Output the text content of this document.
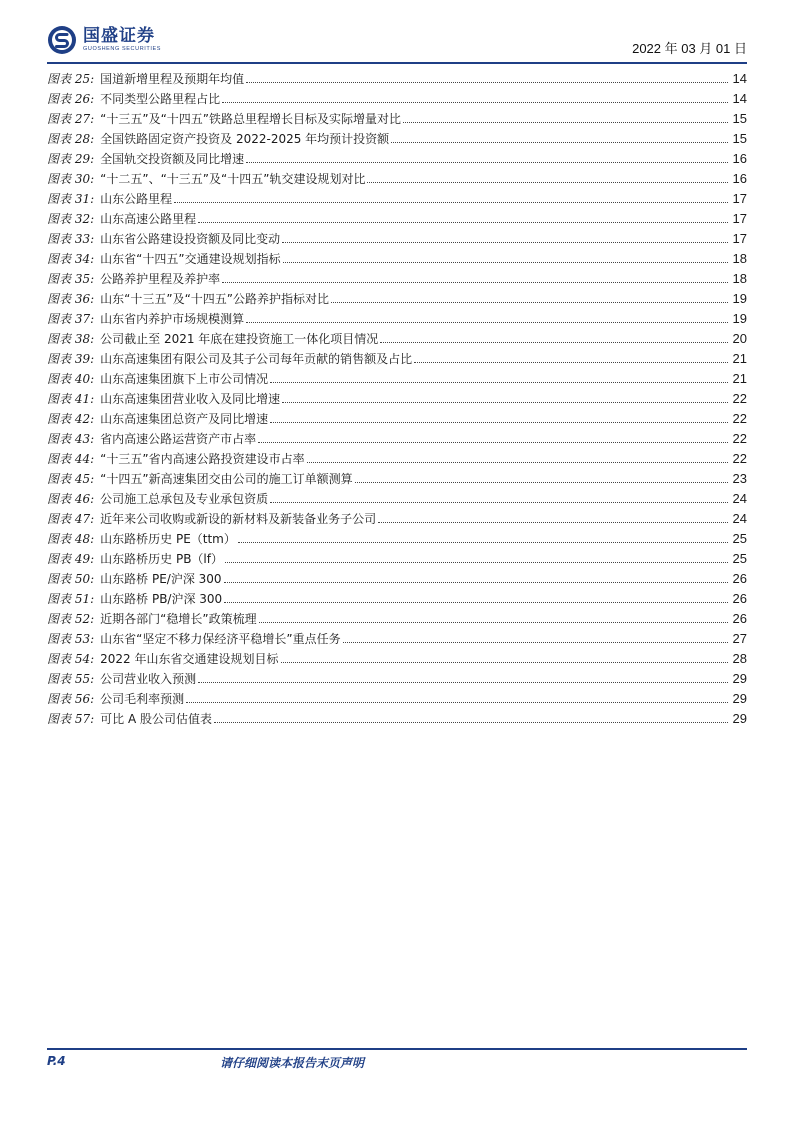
国盛证券
GUOSHENG SECURITIES	2022 年 03 月 01 日
图表 25: 国道新增里程及预期年均值	14
图表 26: 不同类型公路里程占比	14
图表 27: “十三五”及“十四五”铁路总里程增长目标及实际增量对比	15
图表 28: 全国铁路固定资产投资及 2022-2025 年均预计投资额	15
图表 29: 全国轨交投资额及同比增速	16
图表 30: “十二五”、“十三五”及“十四五”轨交建设规划对比	16
图表 31: 山东公路里程	17
图表 32: 山东高速公路里程	17
图表 33: 山东省公路建设投资额及同比变动	17
图表 34: 山东省“十四五”交通建设规划指标	18
图表 35: 公路养护里程及养护率	18
图表 36: 山东“十三五”及“十四五”公路养护指标对比	19
图表 37: 山东省内养护市场规模测算	19
图表 38: 公司截止至 2021 年底在建投资施工一体化项目情况	20
图表 39: 山东高速集团有限公司及其子公司每年贡献的销售额及占比	21
图表 40: 山东高速集团旗下上市公司情况	21
图表 41: 山东高速集团营业收入及同比增速	22
图表 42: 山东高速集团总资产及同比增速	22
图表 43: 省内高速公路运营资产市占率	22
图表 44: “十三五”省内高速公路投资建设市占率	22
图表 45: “十四五”新高速集团交由公司的施工订单额测算	23
图表 46: 公司施工总承包及专业承包资质	24
图表 47: 近年来公司收购或新设的新材料及新装备业务子公司	24
图表 48: 山东路桥历史 PE（ttm）	25
图表 49: 山东路桥历史 PB（lf）	25
图表 50: 山东路桥 PE/沪深 300	26
图表 51: 山东路桥 PB/沪深 300	26
图表 52: 近期各部门“稳增长”政策梳理	26
图表 53: 山东省“坚定不移力保经济平稳增长”重点任务	27
图表 54: 2022 年山东省交通建设规划目标	28
图表 55: 公司营业收入预测	29
图表 56: 公司毛利率预测	29
图表 57: 可比 A 股公司估值表	29
P.4	请仔细阅读本报告末页声明
